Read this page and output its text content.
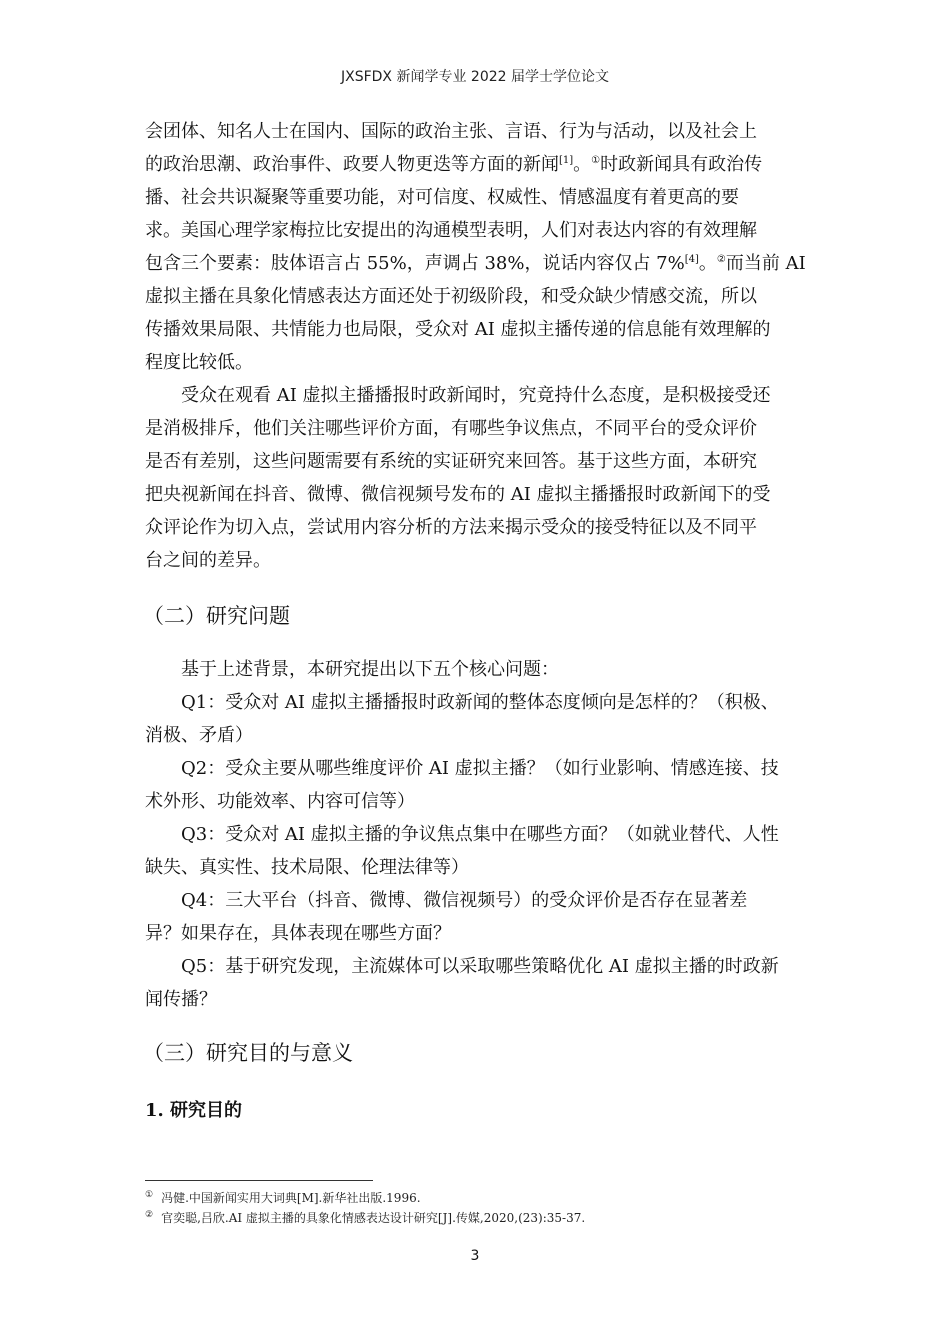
JXSFDX 新闻学专业 2022 届学士学位论文
会团体、知名人士在国内、国际的政治主张、言语、行为与活动，以及社会上
的政治思潮、政治事件、政要人物更迭等方面的新闻[1]。①时政新闻具有政治传
播、社会共识凝聚等重要功能，对可信度、权威性、情感温度有着更高的要
求。美国心理学家梅拉比安提出的沟通模型表明，人们对表达内容的有效理解
包含三个要素：肢体语言占 55%，声调占 38%，说话内容仅占 7%[4]。②而当前 AI
虚拟主播在具象化情感表达方面还处于初级阶段，和受众缺少情感交流，所以
传播效果局限、共情能力也局限，受众对 AI 虚拟主播传递的信息能有效理解的
程度比较低。
受众在观看 AI 虚拟主播播报时政新闻时，究竟持什么态度，是积极接受还
是消极排斥，他们关注哪些评价方面，有哪些争议焦点，不同平台的受众评价
是否有差别，这些问题需要有系统的实证研究来回答。基于这些方面，本研究
把央视新闻在抖音、微博、微信视频号发布的 AI 虚拟主播播报时政新闻下的受
众评论作为切入点，尝试用内容分析的方法来揭示受众的接受特征以及不同平
台之间的差异。
（二）研究问题
基于上述背景，本研究提出以下五个核心问题：
Q1：受众对 AI 虚拟主播播报时政新闻的整体态度倾向是怎样的？（积极、
消极、矛盾）
Q2：受众主要从哪些维度评价 AI 虚拟主播？（如行业影响、情感连接、技
术外形、功能效率、内容可信等）
Q3：受众对 AI 虚拟主播的争议焦点集中在哪些方面？（如就业替代、人性
缺失、真实性、技术局限、伦理法律等）
Q4：三大平台（抖音、微博、微信视频号）的受众评价是否存在显著差
异？如果存在，具体表现在哪些方面？
Q5：基于研究发现，主流媒体可以采取哪些策略优化 AI 虚拟主播的时政新
闻传播？
（三）研究目的与意义
1. 研究目的
① 冯健.中国新闻实用大词典[M].新华社出版.1996.
② 官奕聪,吕欣.AI 虚拟主播的具象化情感表达设计研究[J].传媒,2020,(23):35-37.
3
